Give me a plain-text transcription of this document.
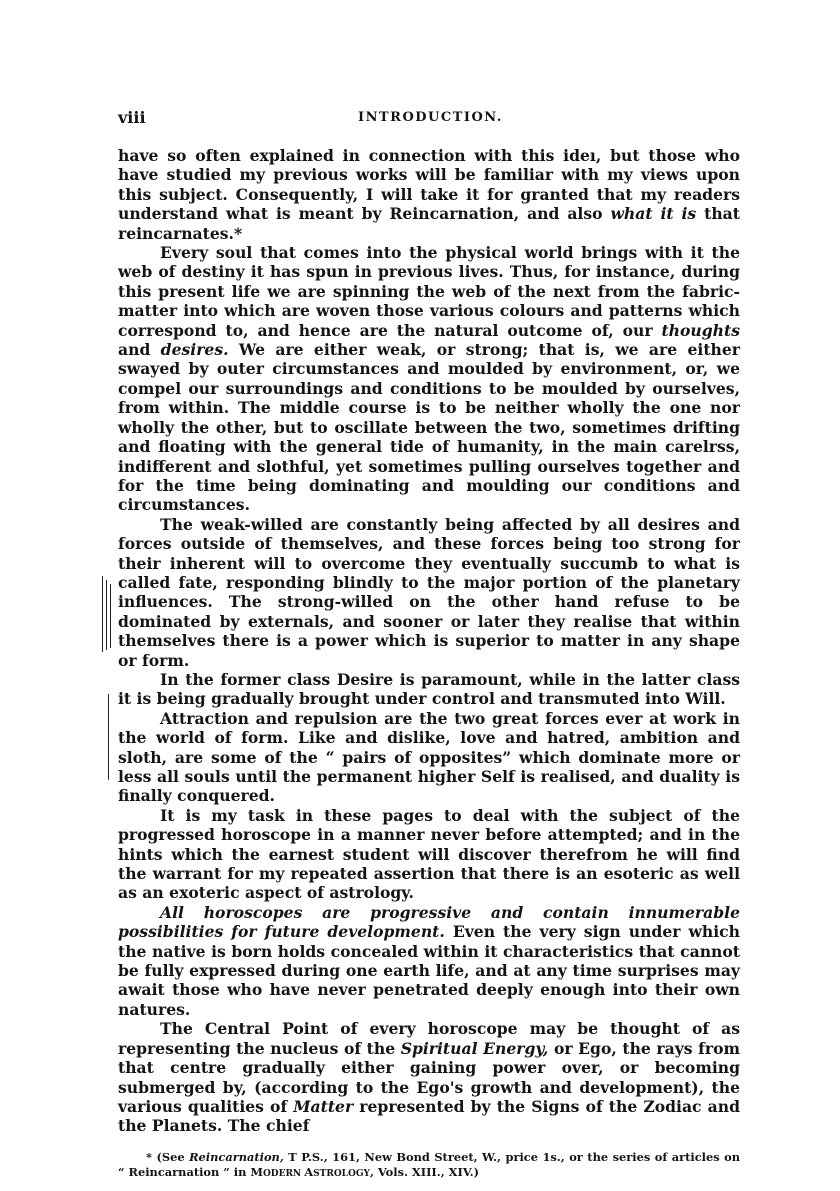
viii	INTRODUCTION.

have so often explained in connection with this ideı, but those who have studied my previous works will be familiar with my views upon this subject. Consequently, I will take it for granted that my readers understand what is meant by Reincarnation, and also what it is that reincarnates.*

Every soul that comes into the physical world brings with it the web of destiny it has spun in previous lives. Thus, for instance, during this present life we are spinning the web of the next from the fabric-matter into which are woven those various colours and patterns which correspond to, and hence are the natural outcome of, our thoughts and desires. We are either weak, or strong; that is, we are either swayed by outer circumstances and moulded by environment, or, we compel our surroundings and conditions to be moulded by ourselves, from within. The middle course is to be neither wholly the one nor wholly the other, but to oscillate between the two, sometimes drifting and floating with the general tide of humanity, in the main carelrss, indifferent and slothful, yet sometimes pulling ourselves together and for the time being dominating and moulding our conditions and circumstances.

The weak-willed are constantly being affected by all desires and forces outside of themselves, and these forces being too strong for their inherent will to overcome they eventually succumb to what is called fate, responding blindly to the major portion of the planetary influences. The strong-willed on the other hand refuse to be dominated by externals, and sooner or later they realise that within themselves there is a power which is superior to matter in any shape or form.

In the former class Desire is paramount, while in the latter class it is being gradually brought under control and transmuted into Will.

Attraction and repulsion are the two great forces ever at work in the world of form. Like and dislike, love and hatred, ambition and sloth, are some of the “ pairs of opposites” which dominate more or less all souls until the permanent higher Self is realised, and duality is finally conquered.

It is my task in these pages to deal with the subject of the progressed horoscope in a manner never before attempted; and in the hints which the earnest student will discover therefrom he will find the warrant for my repeated assertion that there is an esoteric as well as an exoteric aspect of astrology.

All horoscopes are progressive and contain innumerable possibilities for future development. Even the very sign under which the native is born holds concealed within it characteristics that cannot be fully expressed during one earth life, and at any time surprises may await those who have never penetrated deeply enough into their own natures.

The Central Point of every horoscope may be thought of as representing the nucleus of the Spiritual Energy, or Ego, the rays from that centre gradually either gaining power over, or becoming submerged by, (according to the Ego's growth and development), the various qualities of Matter represented by the Signs of the Zodiac and the Planets. The chief

* (See Reincarnation, T P.S., 161, New Bond Street, W., price 1s., or the series of articles on “ Reincarnation ” in MODERN ASTROLOGY, Vols. XIII., XIV.)
